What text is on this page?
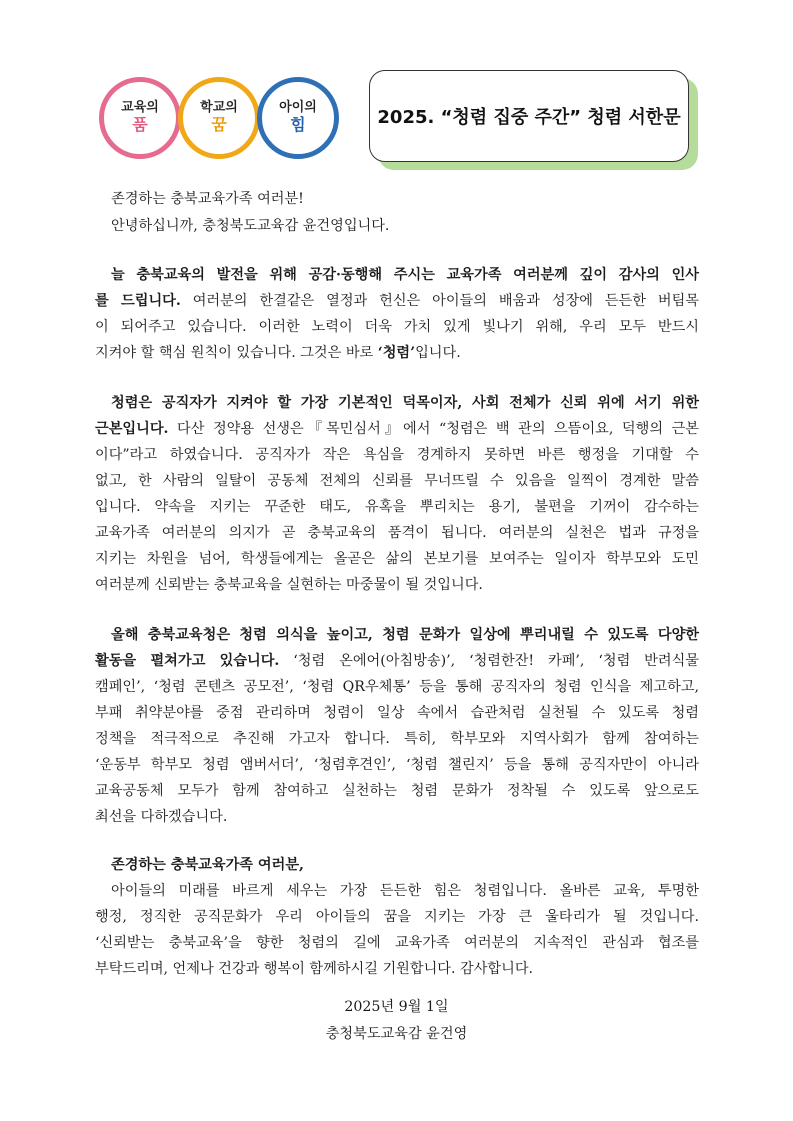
교육의
품
학교의
꿈
아이의
힘	2025. “청렴 집중 주간” 청렴 서한문
존경하는 충북교육가족 여러분!
안녕하십니까, 충청북도교육감 윤건영입니다.
늘 충북교육의 발전을 위해 공감·동행해 주시는 교육가족 여러분께 깊이 감사의 인사
를 드립니다. 여러분의 한결같은 열정과 헌신은 아이들의 배움과 성장에 든든한 버팀목
이 되어주고 있습니다. 이러한 노력이 더욱 가치 있게 빛나기 위해, 우리 모두 반드시
지켜야 할 핵심 원칙이 있습니다. 그것은 바로 ‘청렴’입니다.
청렴은 공직자가 지켜야 할 가장 기본적인 덕목이자, 사회 전체가 신뢰 위에 서기 위한
근본입니다. 다산 정약용 선생은『목민심서』에서 “청렴은 백 관의 으뜸이요, 덕행의 근본
이다”라고 하였습니다. 공직자가 작은 욕심을 경계하지 못하면 바른 행정을 기대할 수
없고, 한 사람의 일탈이 공동체 전체의 신뢰를 무너뜨릴 수 있음을 일찍이 경계한 말씀
입니다. 약속을 지키는 꾸준한 태도, 유혹을 뿌리치는 용기, 불편을 기꺼이 감수하는
교육가족 여러분의 의지가 곧 충북교육의 품격이 됩니다. 여러분의 실천은 법과 규정을
지키는 차원을 넘어, 학생들에게는 올곧은 삶의 본보기를 보여주는 일이자 학부모와 도민
여러분께 신뢰받는 충북교육을 실현하는 마중물이 될 것입니다.
올해 충북교육청은 청렴 의식을 높이고, 청렴 문화가 일상에 뿌리내릴 수 있도록 다양한
활동을 펼쳐가고 있습니다. ‘청렴 온에어(아침방송)’, ‘청렴한잔! 카페’, ‘청렴 반려식물
캠페인’, ‘청렴 콘텐츠 공모전’, ‘청렴 QR우체통’ 등을 통해 공직자의 청렴 인식을 제고하고,
부패 취약분야를 중점 관리하며 청렴이 일상 속에서 습관처럼 실천될 수 있도록 청렴
정책을 적극적으로 추진해 가고자 합니다. 특히, 학부모와 지역사회가 함께 참여하는
‘운동부 학부모 청렴 앰버서더’, ‘청렴후견인’, ‘청렴 챌린지’ 등을 통해 공직자만이 아니라
교육공동체 모두가 함께 참여하고 실천하는 청렴 문화가 정착될 수 있도록 앞으로도
최선을 다하겠습니다.
존경하는 충북교육가족 여러분,
아이들의 미래를 바르게 세우는 가장 든든한 힘은 청렴입니다. 올바른 교육, 투명한
행정, 정직한 공직문화가 우리 아이들의 꿈을 지키는 가장 큰 울타리가 될 것입니다.
‘신뢰받는 충북교육’을 향한 청렴의 길에 교육가족 여러분의 지속적인 관심과 협조를
부탁드리며, 언제나 건강과 행복이 함께하시길 기원합니다. 감사합니다.
2025년 9월 1일
충청북도교육감 윤건영
